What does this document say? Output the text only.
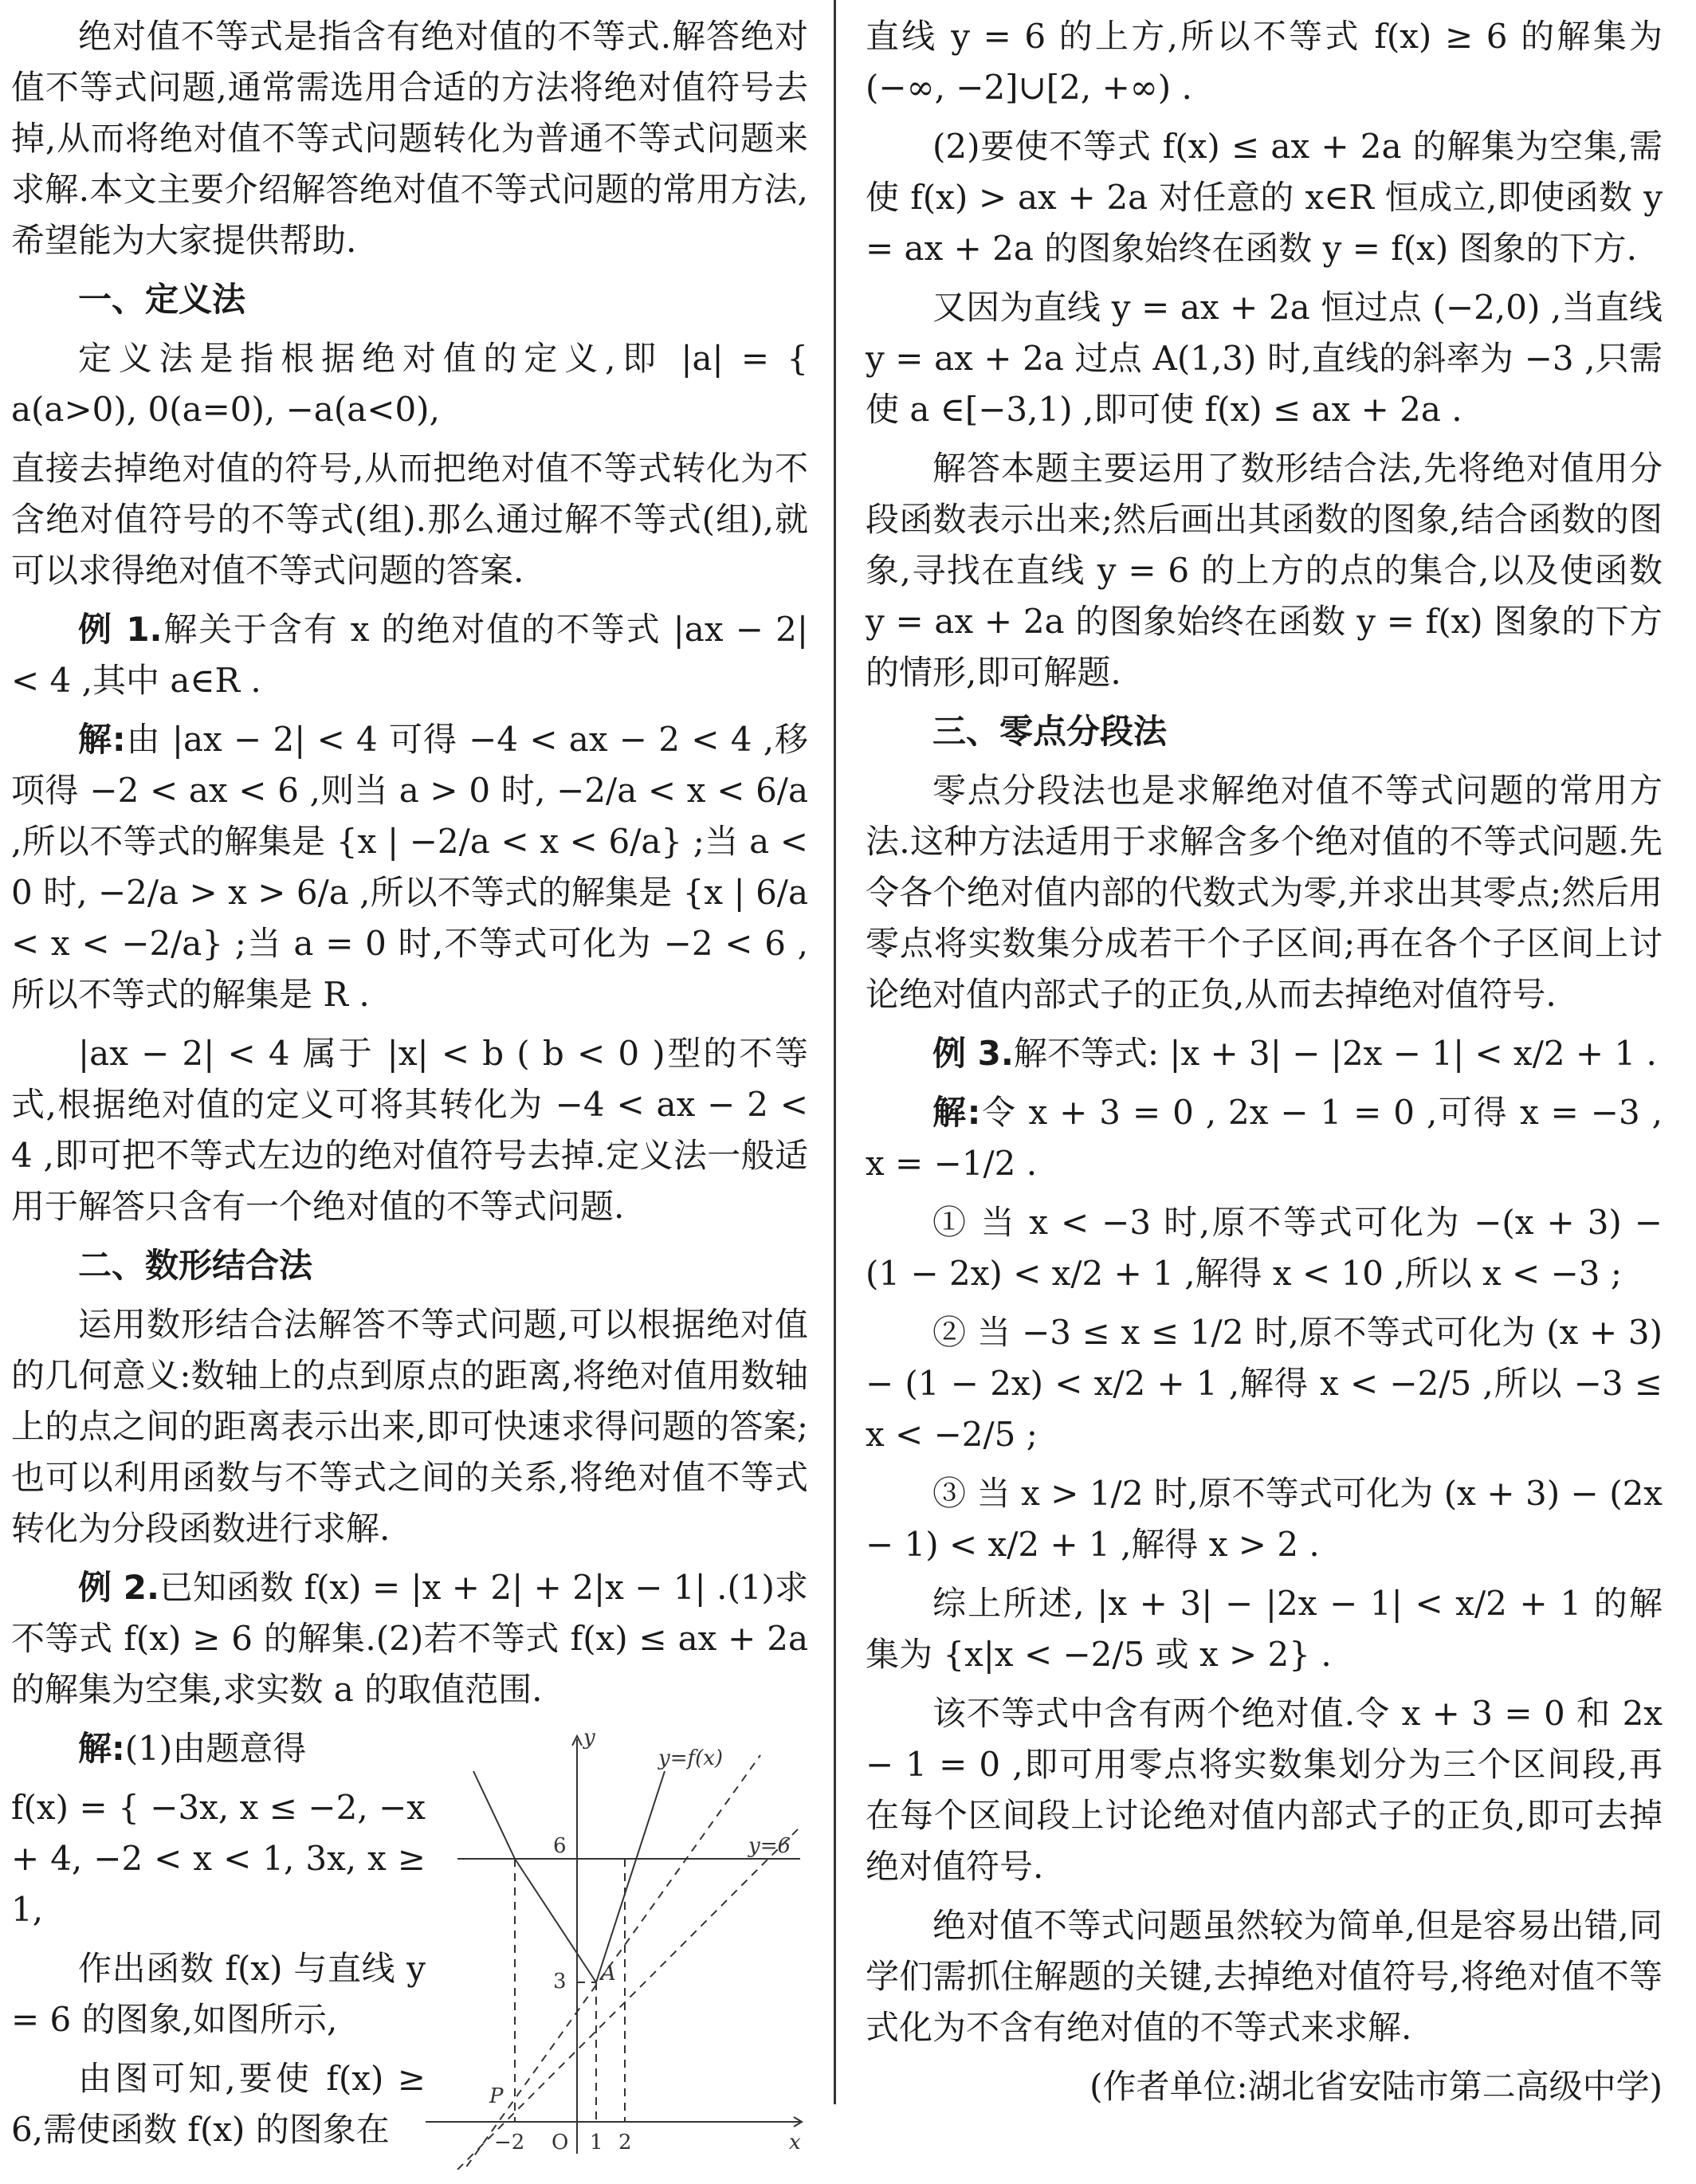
绝对值不等式是指含有绝对值的不等式.解答绝对值不等式问题,通常需选用合适的方法将绝对值符号去掉,从而将绝对值不等式问题转化为普通不等式问题来求解.本文主要介绍解答绝对值不等式问题的常用方法,希望能为大家提供帮助.

一、定义法

定义法是指根据绝对值的定义,即 |a| = { a(a>0), 0(a=0), −a(a<0),

直接去掉绝对值的符号,从而把绝对值不等式转化为不含绝对值符号的不等式(组).那么通过解不等式(组),就可以求得绝对值不等式问题的答案.

例 1.解关于含有 x 的绝对值的不等式 |ax − 2| < 4 ,其中 a∈R .

解:由 |ax − 2| < 4 可得 −4 < ax − 2 < 4 ,移项得 −2 < ax < 6 ,则当 a > 0 时, −2/a < x < 6/a ,所以不等式的解集是 {x | −2/a < x < 6/a} ;当 a < 0 时, −2/a > x > 6/a ,所以不等式的解集是 {x | 6/a < x < −2/a} ;当 a = 0 时,不等式可化为 −2 < 6 ,所以不等式的解集是 R .

|ax − 2| < 4 属于 |x| < b ( b < 0 )型的不等式,根据绝对值的定义可将其转化为 −4 < ax − 2 < 4 ,即可把不等式左边的绝对值符号去掉.定义法一般适用于解答只含有一个绝对值的不等式问题.

二、数形结合法

运用数形结合法解答不等式问题,可以根据绝对值的几何意义:数轴上的点到原点的距离,将绝对值用数轴上的点之间的距离表示出来,即可快速求得问题的答案;也可以利用函数与不等式之间的关系,将绝对值不等式转化为分段函数进行求解.

例 2.已知函数 f(x) = |x + 2| + 2|x − 1| .(1)求不等式 f(x) ≥ 6 的解集.(2)若不等式 f(x) ≤ ax + 2a 的解集为空集,求实数 a 的取值范围.

解:(1)由题意得

f(x) = { −3x, x ≤ −2, −x + 4, −2 < x < 1, 3x, x ≥ 1,

作出函数 f(x) 与直线 y = 6 的图象,如图所示,

由图可知,要使 f(x) ≥ 6,需使函数 f(x) 的图象在

y
x
O
y=f(x)
y=6
6
3
−2	1 2
A
P

直线 y = 6 的上方,所以不等式 f(x) ≥ 6 的解集为 (−∞, −2]∪[2, +∞) .

(2)要使不等式 f(x) ≤ ax + 2a 的解集为空集,需使 f(x) > ax + 2a 对任意的 x∈R 恒成立,即使函数 y = ax + 2a 的图象始终在函数 y = f(x) 图象的下方.

又因为直线 y = ax + 2a 恒过点 (−2,0) ,当直线 y = ax + 2a 过点 A(1,3) 时,直线的斜率为 −3 ,只需使 a ∈[−3,1) ,即可使 f(x) ≤ ax + 2a .

解答本题主要运用了数形结合法,先将绝对值用分段函数表示出来;然后画出其函数的图象,结合函数的图象,寻找在直线 y = 6 的上方的点的集合,以及使函数 y = ax + 2a 的图象始终在函数 y = f(x) 图象的下方的情形,即可解题.

三、零点分段法

零点分段法也是求解绝对值不等式问题的常用方法.这种方法适用于求解含多个绝对值的不等式问题.先令各个绝对值内部的代数式为零,并求出其零点;然后用零点将实数集分成若干个子区间;再在各个子区间上讨论绝对值内部式子的正负,从而去掉绝对值符号.

例 3.解不等式: |x + 3| − |2x − 1| < x/2 + 1 .

解:令 x + 3 = 0 , 2x − 1 = 0 ,可得 x = −3 , x = −1/2 .

① 当 x < −3 时,原不等式可化为 −(x + 3) − (1 − 2x) < x/2 + 1 ,解得 x < 10 ,所以 x < −3 ;

② 当 −3 ≤ x ≤ 1/2 时,原不等式可化为 (x + 3) − (1 − 2x) < x/2 + 1 ,解得 x < −2/5 ,所以 −3 ≤ x < −2/5 ;

③ 当 x > 1/2 时,原不等式可化为 (x + 3) − (2x − 1) < x/2 + 1 ,解得 x > 2 .

综上所述, |x + 3| − |2x − 1| < x/2 + 1 的解集为 {x|x < −2/5 或 x > 2} .

该不等式中含有两个绝对值.令 x + 3 = 0 和 2x − 1 = 0 ,即可用零点将实数集划分为三个区间段,再在每个区间段上讨论绝对值内部式子的正负,即可去掉绝对值符号.

绝对值不等式问题虽然较为简单,但是容易出错,同学们需抓住解题的关键,去掉绝对值符号,将绝对值不等式化为不含有绝对值的不等式来求解.

(作者单位:湖北省安陆市第二高级中学)
